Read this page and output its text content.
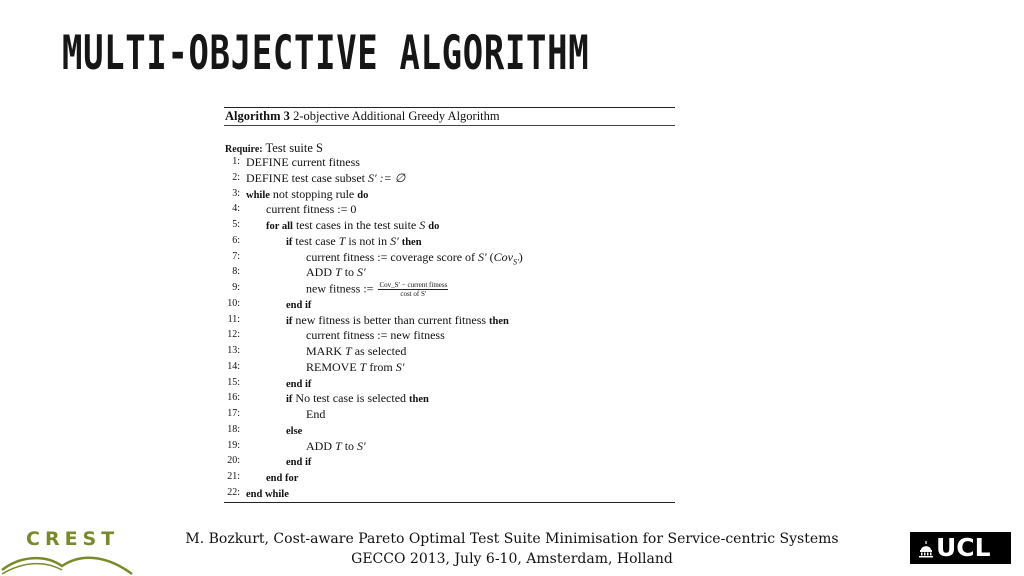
MULTI-OBJECTIVE ALGORITHM
Algorithm 3 2-objective Additional Greedy Algorithm
Require: Test suite S
1: DEFINE current fitness
2: DEFINE test case subset S′ := ∅
3: while not stopping rule do
4: current fitness := 0
5: for all test cases in the test suite S do
6:	if test case T is not in S′ then
7:	current fitness := coverage score of S′ (Cov$_{S'}$)
8:	ADD T to S′
9:	new fitness := $\frac{\text{Cov\_S′ − current fitness}}{\text{cost of S′}}$
10:	end if
11:	if new fitness is better than current fitness then
12:	current fitness := new fitness
13:	MARK T as selected
14:	REMOVE T from S′
15:	end if
16:	if No test case is selected then
17:	End
18:	else
19:	ADD T to S′
20:	end if
21: end for
22: end while
M. Bozkurt, Cost-aware Pareto Optimal Test Suite Minimisation for Service-centric Systems
GECCO 2013, July 6-10, Amsterdam, Holland
CREST	UCL
